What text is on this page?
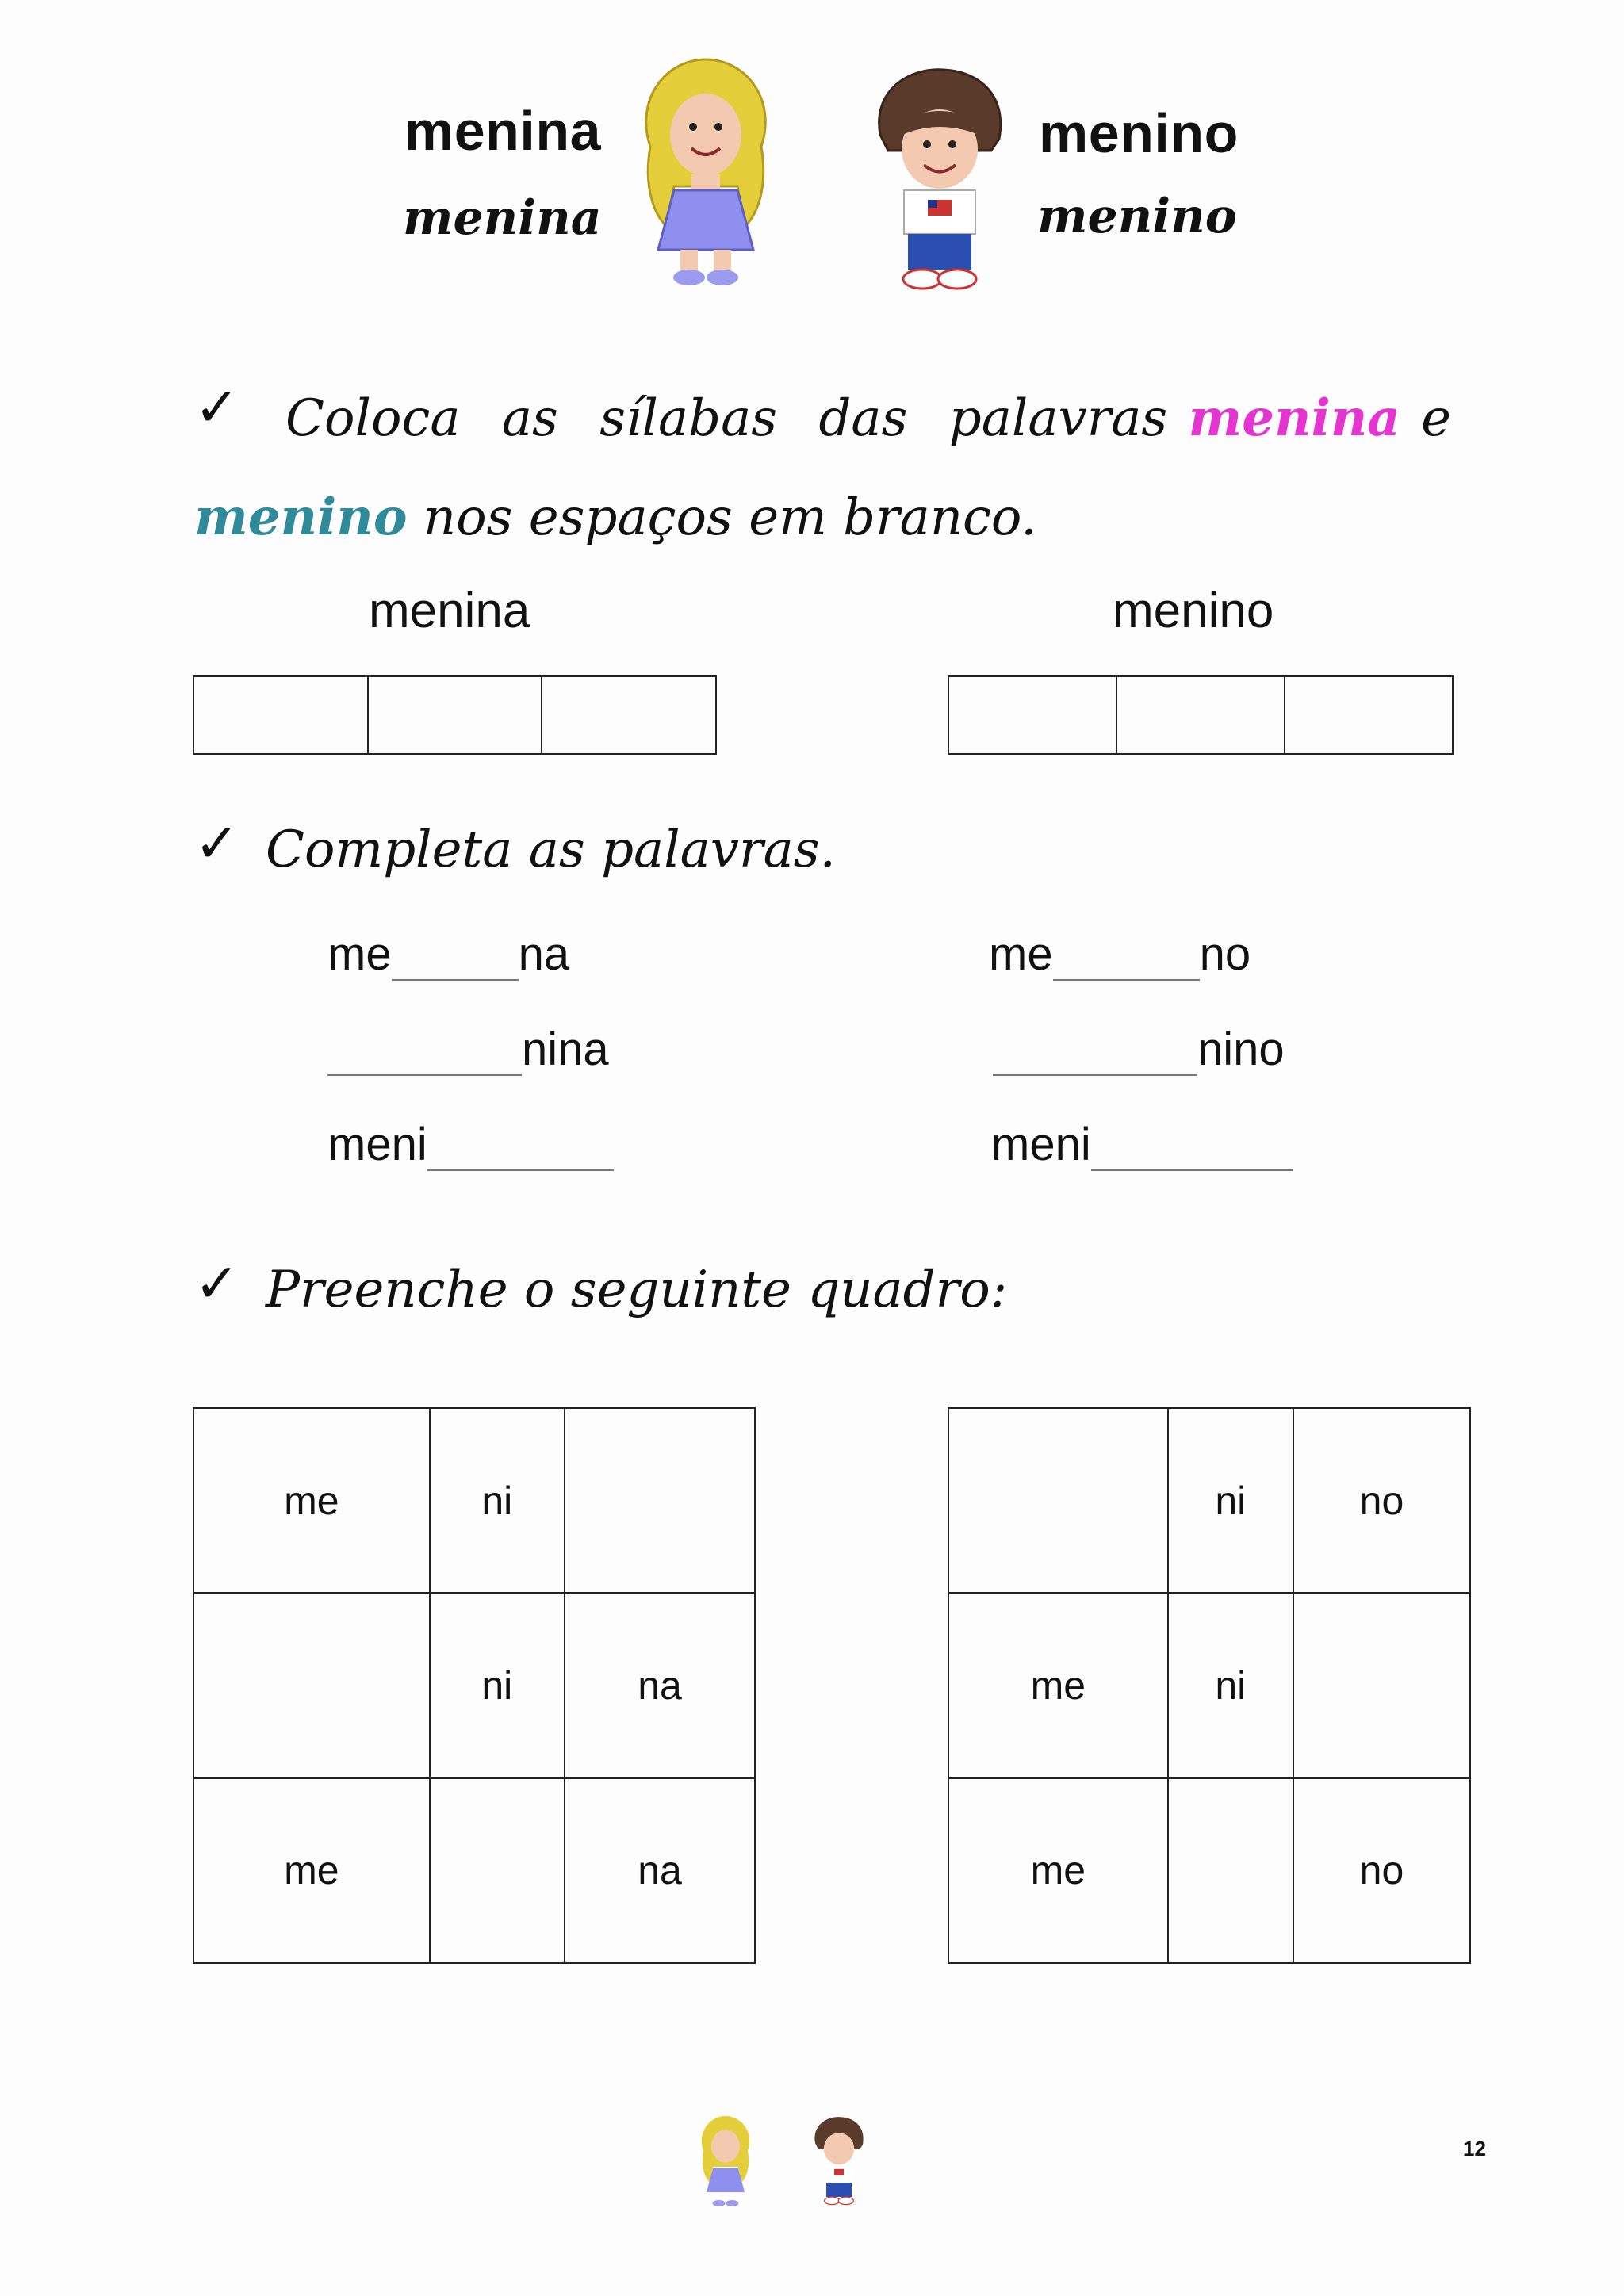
menina
menina
menino
menino
✓ Coloca as sílabas das palavras menina e
menino nos espaços em branco.
menina	menino
✓ Completa as palavras.
me	na
nina
meni
me	no
nino
meni
✓ Preenche o seguinte quadro:
me	ni	
	ni	na
me		na
	ni	no
me	ni	
me		no
12
